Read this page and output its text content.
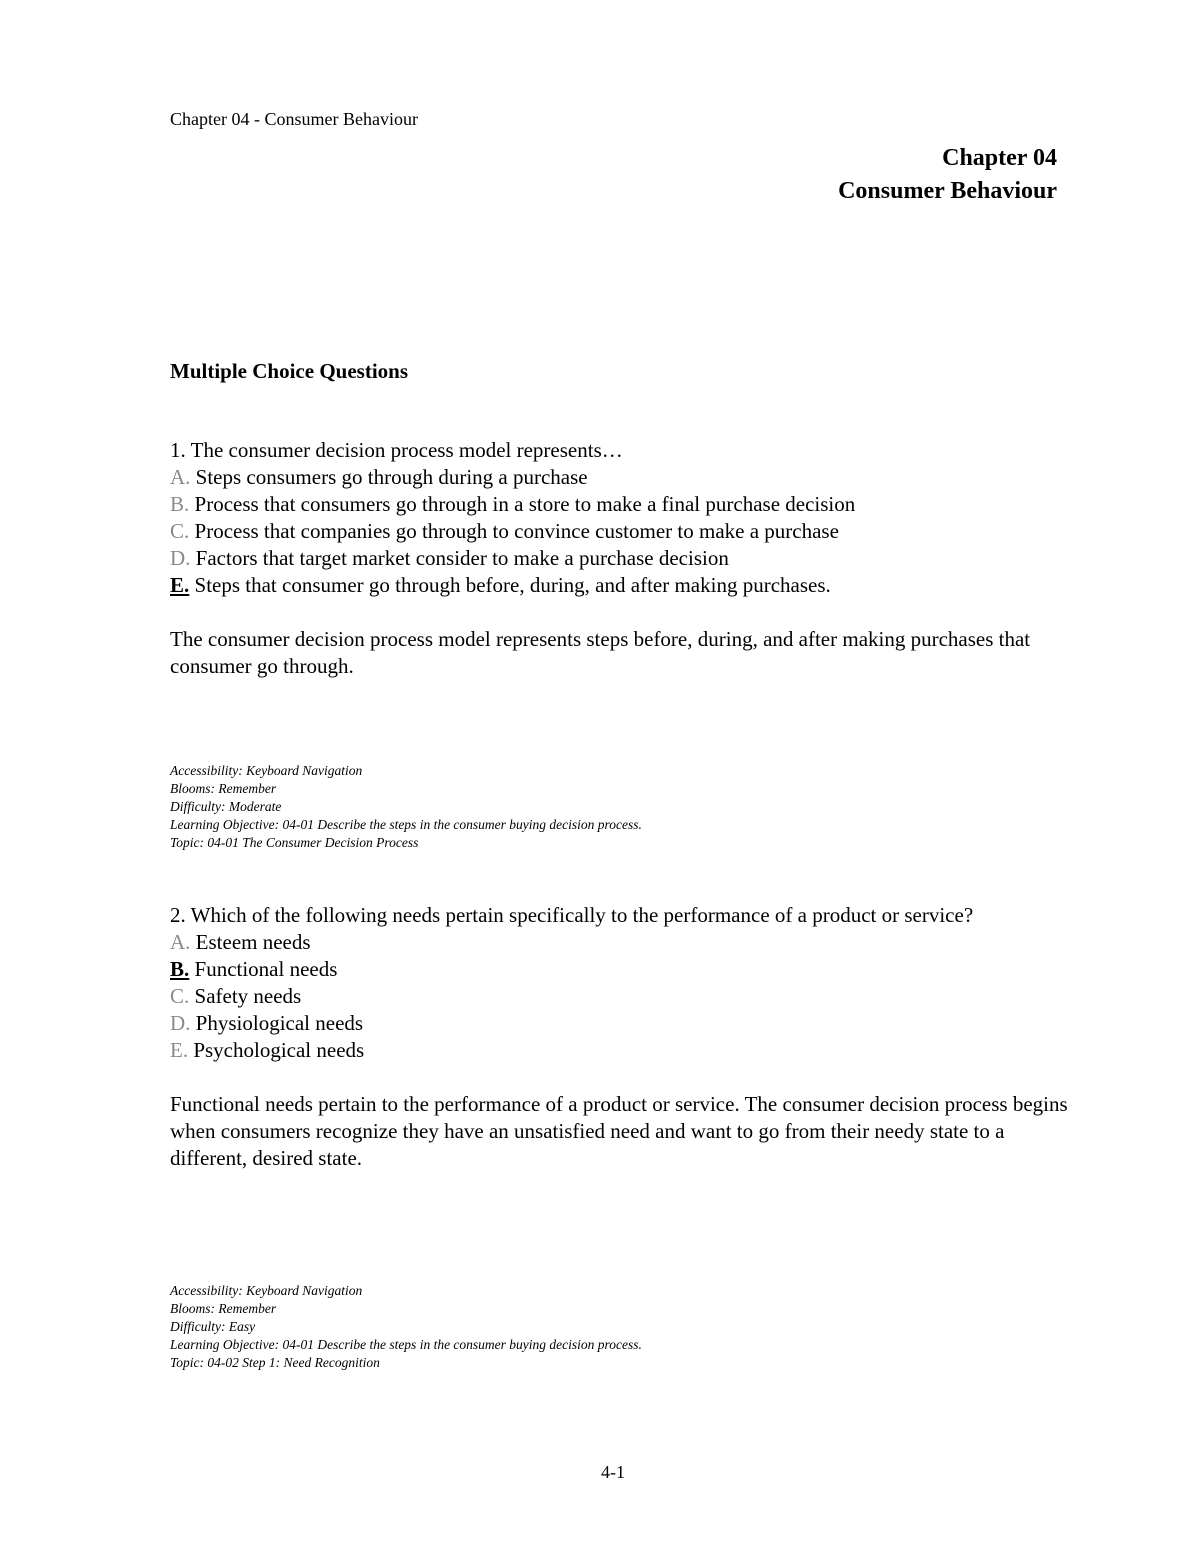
Chapter 04 - Consumer Behaviour
Chapter 04
Consumer Behaviour
Multiple Choice Questions

1. The consumer decision process model represents…

A. Steps consumers go through during a purchase
B. Process that consumers go through in a store to make a final purchase decision
C. Process that companies go through to convince customer to make a purchase
D. Factors that target market consider to make a purchase decision
E. Steps that consumer go through before, during, and after making purchases.

The consumer decision process model represents steps before, during, and after making purchases that consumer go through.

Accessibility: Keyboard Navigation
Blooms: Remember
Difficulty: Moderate
Learning Objective: 04-01 Describe the steps in the consumer buying decision process.
Topic: 04-01 The Consumer Decision Process

2. Which of the following needs pertain specifically to the performance of a product or service?

A. Esteem needs
B. Functional needs
C. Safety needs
D. Physiological needs
E. Psychological needs

Functional needs pertain to the performance of a product or service. The consumer decision process begins when consumers recognize they have an unsatisfied need and want to go from their needy state to a different, desired state.

Accessibility: Keyboard Navigation
Blooms: Remember
Difficulty: Easy
Learning Objective: 04-01 Describe the steps in the consumer buying decision process.
Topic: 04-02 Step 1: Need Recognition
4-1
